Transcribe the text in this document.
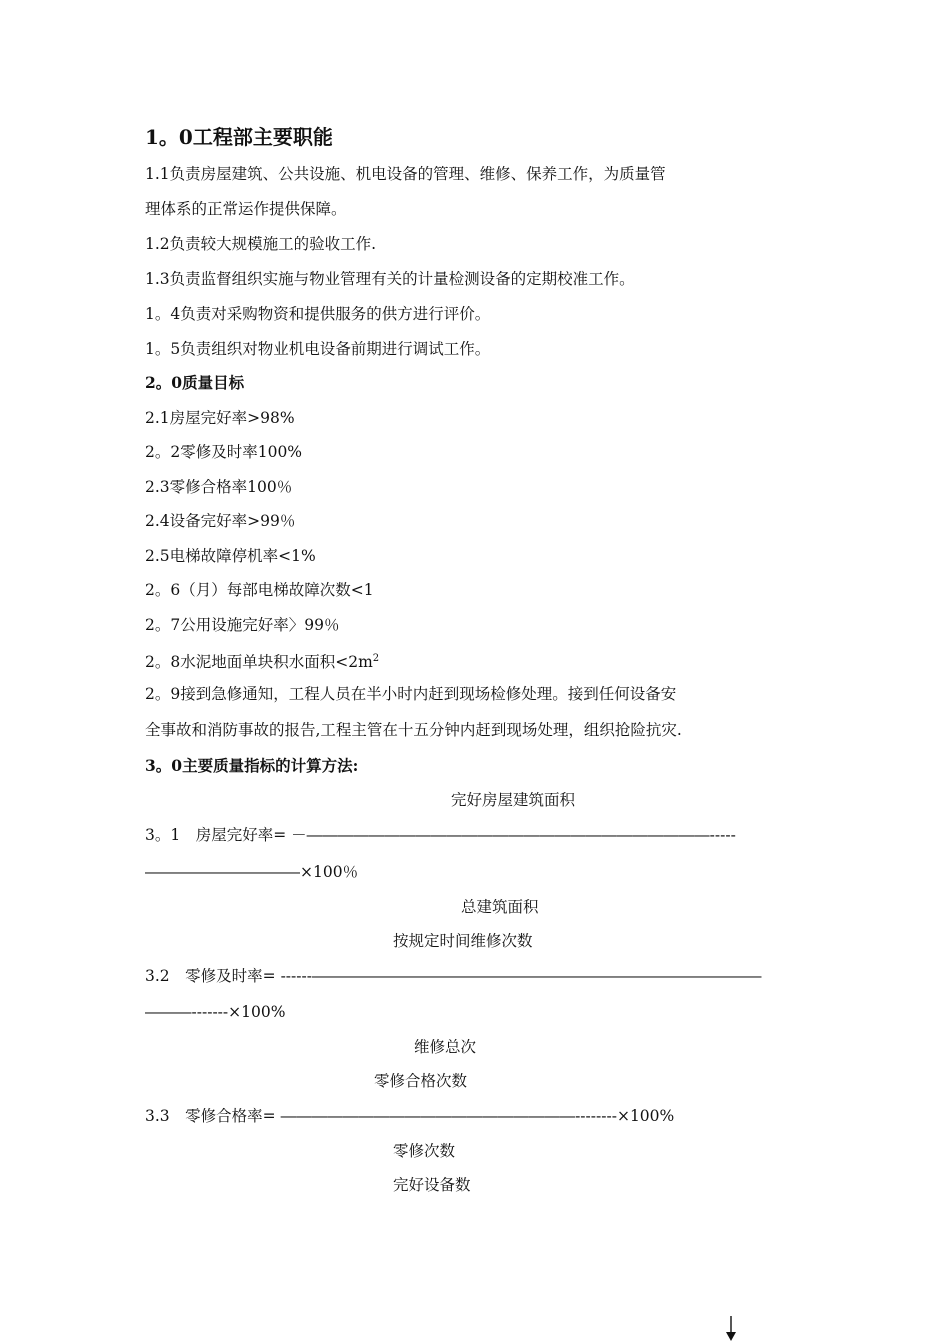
1。0工程部主要职能
1.1负责房屋建筑、公共设施、机电设备的管理、维修、保养工作，为质量管
理体系的正常运作提供保障。
1.2负责较大规模施工的验收工作.
1.3负责监督组织实施与物业管理有关的计量检测设备的定期校准工作。
1。4负责对采购物资和提供服务的供方进行评价。
1。5负责组织对物业机电设备前期进行调试工作。
2。0质量目标
2.1房屋完好率>98%
2。2零修及时率100%
2.3零修合格率100％
2.4设备完好率>99％
2.5电梯故障停机率<1%
2。6（月）每部电梯故障次数<1
2。7公用设施完好率〉99％
2。8水泥地面单块积水面积$<2m^2$
2。9接到急修通知，工程人员在半小时内赶到现场检修处理。接到任何设备安
全事故和消防事故的报告,工程主管在十五分钟内赶到现场处理，组织抢险抗灾.
3。0主要质量指标的计算方法:
完好房屋建筑面积
3。1　房屋完好率= －――――――――――――――――――――――――――-----
――――――――――×100％
总建筑面积
按规定时间维修次数
3.2　零修及时率= ------―――――――――――――――――――――――――――――
―――-------×100%
维修总次
零修合格次数
3.3　零修合格率= ―――――――――――――――――――--------×100%
零修次数
完好设备数
